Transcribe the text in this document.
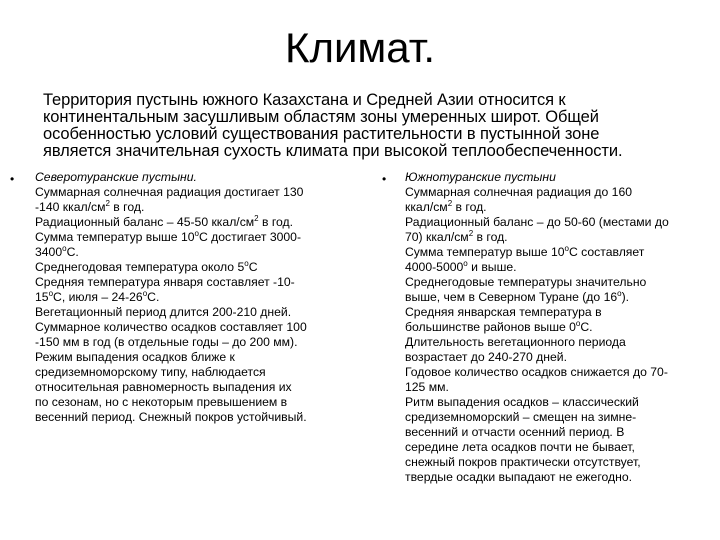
Климат.
Территория пустынь южного Казахстана и Средней Азии относится к
континентальным засушливым областям зоны умеренных широт. Общей
особенностью условий существования растительности в пустынной зоне
является значительная сухость климата при высокой теплообеспеченности.
•	•
Северотуранские пустыни.
Суммарная солнечная радиация достигает 130
-140 ккал/$см^2$ в год.
Радиационный баланс – 45-50 ккал/$см^2$ в год.
Сумма температур выше $10^оС$ достигает 3000-
$3400^оС$.
Среднегодовая температура около $5^оС$
Средняя температура января составляет -10-
$15^оС$, июля – $24-26^оС$.
Вегетационный период длится 200-210 дней.
Суммарное количество осадков составляет 100
-150 мм в год (в отдельные годы – до 200 мм).
Режим выпадения осадков ближе к
средиземноморскому типу, наблюдается
относительная равномерность выпадения их
по сезонам, но с некоторым превышением в
весенний период. Снежный покров устойчивый.
Южнотуранские пустыни
Суммарная солнечная радиация до 160
ккал/$см^2$ в год.
Радиационный баланс – до 50-60 (местами до
70) ккал/$см^2$ в год.
Сумма температур выше $10^оС$ составляет
$4000-5000^о$ и выше.
Среднегодовые температуры значительно
выше, чем в Северном Туране (до $16^о$).
Средняя январская температура в
большинстве районов выше $0^оС$.
Длительность вегетационного периода
возрастает до 240-270 дней.
Годовое количество осадков снижается до 70-
125 мм.
Ритм выпадения осадков – классический
средиземноморский – смещен на зимне-
весенний и отчасти осенний период. В
середине лета осадков почти не бывает,
снежный покров практически отсутствует,
твердые осадки выпадают не ежегодно.
